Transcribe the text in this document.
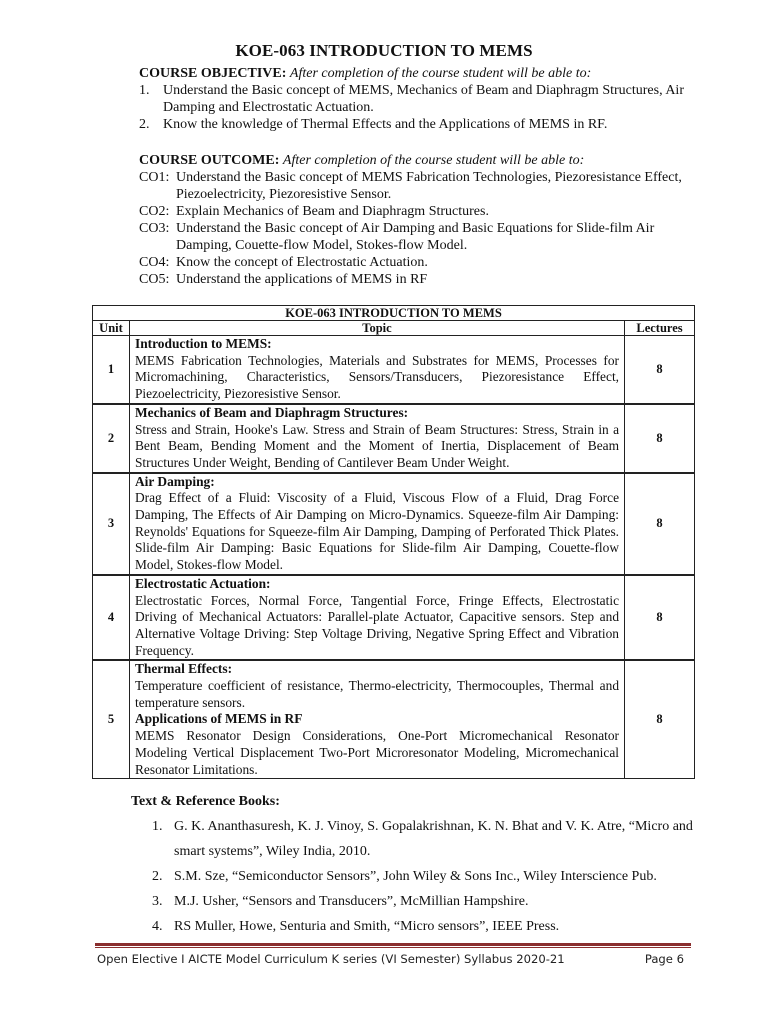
KOE-063 INTRODUCTION TO MEMS
COURSE OBJECTIVE: After completion of the course student will be able to:
1. Understand the Basic concept of MEMS, Mechanics of Beam and Diaphragm Structures, Air Damping and Electrostatic Actuation.
2. Know the knowledge of Thermal Effects and the Applications of MEMS in RF.
COURSE OUTCOME: After completion of the course student will be able to:
CO1: Understand the Basic concept of MEMS Fabrication Technologies, Piezoresistance Effect, Piezoelectricity, Piezoresistive Sensor.
CO2: Explain Mechanics of Beam and Diaphragm Structures.
CO3: Understand the Basic concept of Air Damping and Basic Equations for Slide-film Air Damping, Couette-flow Model, Stokes-flow Model.
CO4: Know the concept of Electrostatic Actuation.
CO5: Understand the applications of MEMS in RF
KOE-063 INTRODUCTION TO MEMS		
Unit	Topic	Lectures
1	Introduction to MEMS:
MEMS Fabrication Technologies, Materials and Substrates for MEMS, Processes for Micromachining, Characteristics, Sensors/Transducers, Piezoresistance Effect, Piezoelectricity, Piezoresistive Sensor.	8
2	Mechanics of Beam and Diaphragm Structures:
Stress and Strain, Hooke's Law. Stress and Strain of Beam Structures: Stress, Strain in a Bent Beam, Bending Moment and the Moment of Inertia, Displacement of Beam Structures Under Weight, Bending of Cantilever Beam Under Weight.	8
3	Air Damping:
Drag Effect of a Fluid: Viscosity of a Fluid, Viscous Flow of a Fluid, Drag Force Damping, The Effects of Air Damping on Micro-Dynamics. Squeeze-film Air Damping: Reynolds' Equations for Squeeze-film Air Damping, Damping of Perforated Thick Plates. Slide-film Air Damping: Basic Equations for Slide-film Air Damping, Couette-flow Model, Stokes-flow Model.	8
4	Electrostatic Actuation:
Electrostatic Forces, Normal Force, Tangential Force, Fringe Effects, Electrostatic Driving of Mechanical Actuators: Parallel-plate Actuator, Capacitive sensors. Step and Alternative Voltage Driving: Step Voltage Driving, Negative Spring Effect and Vibration Frequency.	8
5	Thermal Effects:
Temperature coefficient of resistance, Thermo-electricity, Thermocouples, Thermal and temperature sensors.
Applications of MEMS in RF
MEMS Resonator Design Considerations, One-Port Micromechanical Resonator Modeling Vertical Displacement Two-Port Microresonator Modeling, Micromechanical Resonator Limitations.	8
Text & Reference Books:
1. G. K. Ananthasuresh, K. J. Vinoy, S. Gopalakrishnan, K. N. Bhat and V. K. Atre, “Micro and smart systems”, Wiley India, 2010.
2. S.M. Sze, “Semiconductor Sensors”, John Wiley & Sons Inc., Wiley Interscience Pub.
3. M.J. Usher, “Sensors and Transducers”, McMillian Hampshire.
4. RS Muller, Howe, Senturia and Smith, “Micro sensors”, IEEE Press.
Open Elective I AICTE Model Curriculum K series (VI Semester) Syllabus 2020-21	Page 6
